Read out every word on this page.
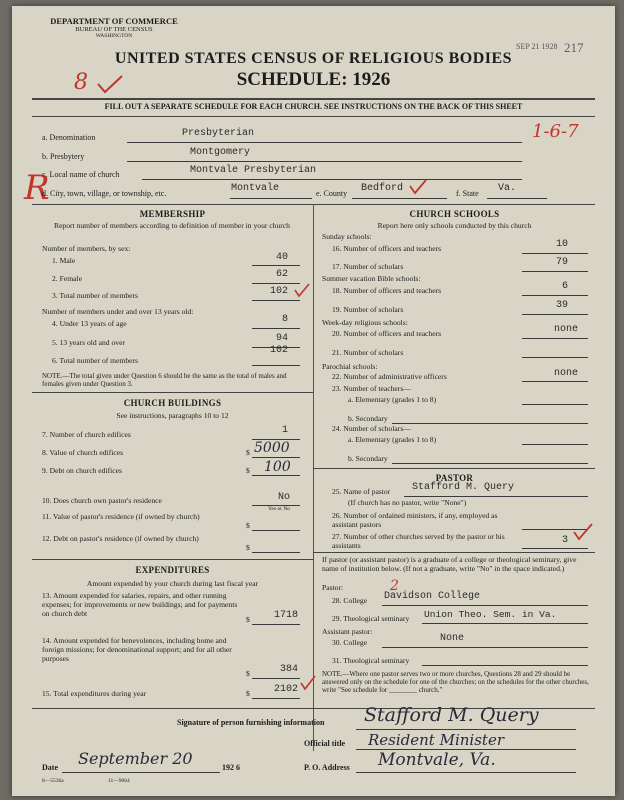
DEPARTMENT OF COMMERCE
BUREAU OF THE CENSUS
WASHINGTON
UNITED STATES CENSUS OF RELIGIOUS BODIES
SCHEDULE: 1926
8
SEP 21 1928 217
FILL OUT A SEPARATE SCHEDULE FOR EACH CHURCH. SEE INSTRUCTIONS ON THE BACK OF THIS SHEET
a. Denomination	Presbyterian	1-6-7
b. Presbytery	Montgomery
c. Local name of church	Montvale Presbyterian
R
d. City, town, village, or township, etc.	Montvale	e. County Bedford	f. State Va.
MEMBERSHIP
Report number of members according to definition of member in your church
Number of members, by sex:
1. Male	40
2. Female	62
3. Total number of members	102
Number of members under and over 13 years old:
4. Under 13 years of age	8
5. 13 years old and over	94
6. Total number of members
102
NOTE.—The total given under Question 6 should be the same as the total of males and females given under Question 3.
CHURCH BUILDINGS
See instructions, paragraphs 10 to 12
7. Number of church edifices	1
8. Value of church edifices	$ 5000
9. Debt on church edifices	$ 100
10. Does church own pastor's residence	No
Yes or No
11. Value of pastor's residence (if owned by church)
$
12. Debt on pastor's residence (if owned by church)
$
EXPENDITURES
Amount expended by your church during last fiscal year
13. Amount expended for salaries, repairs, and other running expenses; for improvements or new buildings; and for payments on church debt
$	1718
14. Amount expended for benevolences, including home and foreign missions; for denominational support; and for all other purposes
$	384
15. Total expenditures during year	$	2102
CHURCH SCHOOLS
Report here only schools conducted by this church
Sunday schools:
16. Number of officers and teachers	10
17. Number of scholars	79
Summer vacation Bible schools:
18. Number of officers and teachers	6
19. Number of scholars	39
Week-day religious schools:
20. Number of officers and teachers	none
21. Number of scholars
Parochial schools:
22. Number of administrative officers	none
23. Number of teachers—
a. Elementary (grades 1 to 8)
b. Secondary
24. Number of scholars—
a. Elementary (grades 1 to 8)
b. Secondary
PASTOR
25. Name of pastor Stafford M. Query
(If church has no pastor, write "None")
26. Number of ordained ministers, if any, employed as assistant pastors
27. Number of other churches served by the pastor or his assistants	3
If pastor (or assistant pastor) is a graduate of a college or theological seminary, give name of institution below. (If not a graduate, write "No" in the space indicated.)
Pastor:
28. College Davidson College
2
29. Theological seminary Union Theo. Sem. in Va.
Assistant pastor:
30. College	None
31. Theological seminary
NOTE.—Where one pastor serves two or more churches, Questions 28 and 29 should be answered only on the schedule for one of the churches; on the schedules for the other churches, write "See schedule for ________ church."
Signature of person furnishing information Stafford M. Query
Official title Resident Minister
Date September 20	192 6	P. O. Address Montvale, Va.
8—5536a	11—9064
